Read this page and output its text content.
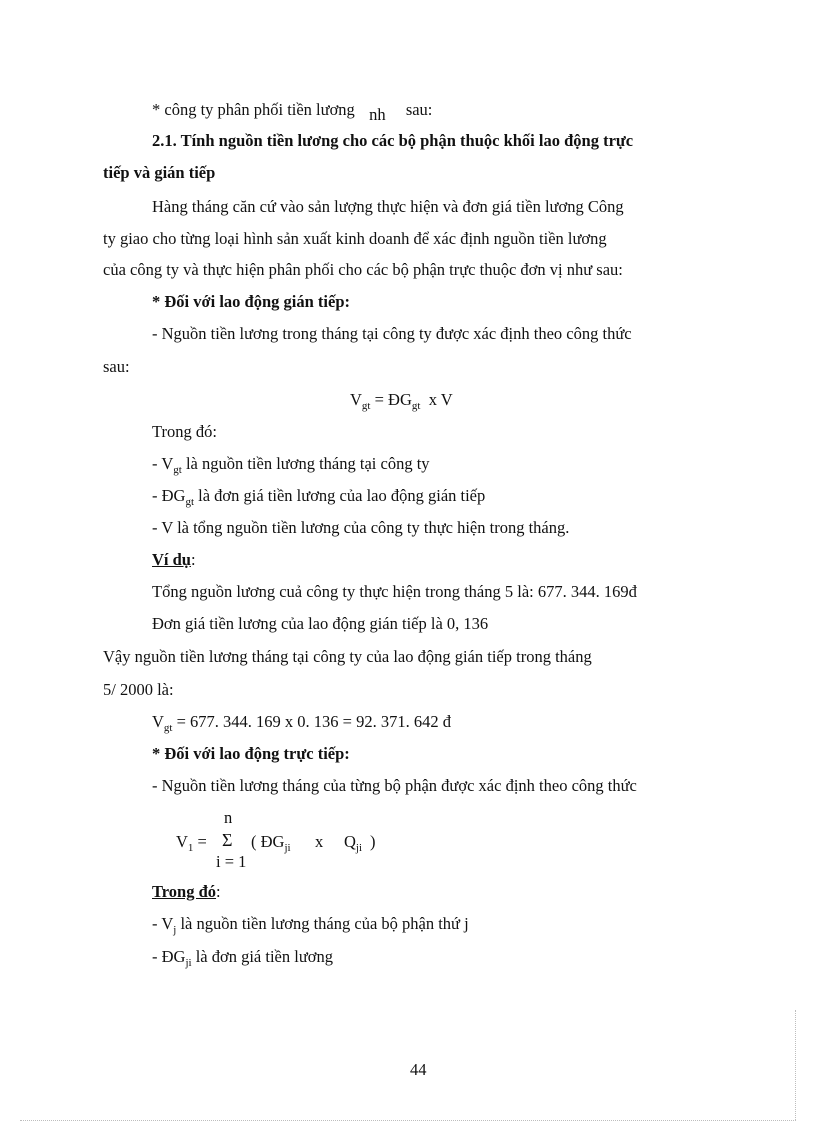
* công ty phân phối tiền lương nh sau:
2.1. Tính nguồn tiền lương cho các bộ phận thuộc khối lao động trực
tiếp và gián tiếp
Hàng tháng căn cứ vào sản lượng thực hiện và đơn giá tiền lương Công
ty giao cho từng loại hình sản xuất kinh doanh để xác định nguồn tiền lương
của công ty và thực hiện phân phối cho các bộ phận trực thuộc đơn vị như sau:
* Đối với lao động gián tiếp:
- Nguồn tiền lương trong tháng tại công ty được xác định theo công thức
sau:
$V_{gt}$ = $ĐG_{gt}$  x V
Trong đó:
- $V_{gt}$ là nguồn tiền lương tháng tại công ty
- $ĐG_{gt}$ là đơn giá tiền lương của lao động gián tiếp
- V là tổng nguồn tiền lương của công ty thực hiện trong tháng.
Ví dụ:
Tổng nguồn lương cuả công ty thực hiện trong tháng 5 là: 677. 344. 169đ
Đơn giá tiền lương của lao động gián tiếp là 0, 136
Vậy nguồn tiền lương tháng tại công ty của lao động gián tiếp trong tháng
5/ 2000 là:
$V_{gt} = 677$. 344. 169 x 0. 136 = 92. 371. 642 đ
* Đối với lao động trực tiếp:
- Nguồn tiền lương tháng của từng bộ phận được xác định theo công thức
n
$V_1 = \Sigma$ ( $ĐG_{ji}$ x $Q_{ji}$ )
i = 1
Trong đó:
- $V_j$ là nguồn tiền lương tháng của bộ phận thứ j
- $ĐG_{ji}$ là đơn giá tiền lương
44
